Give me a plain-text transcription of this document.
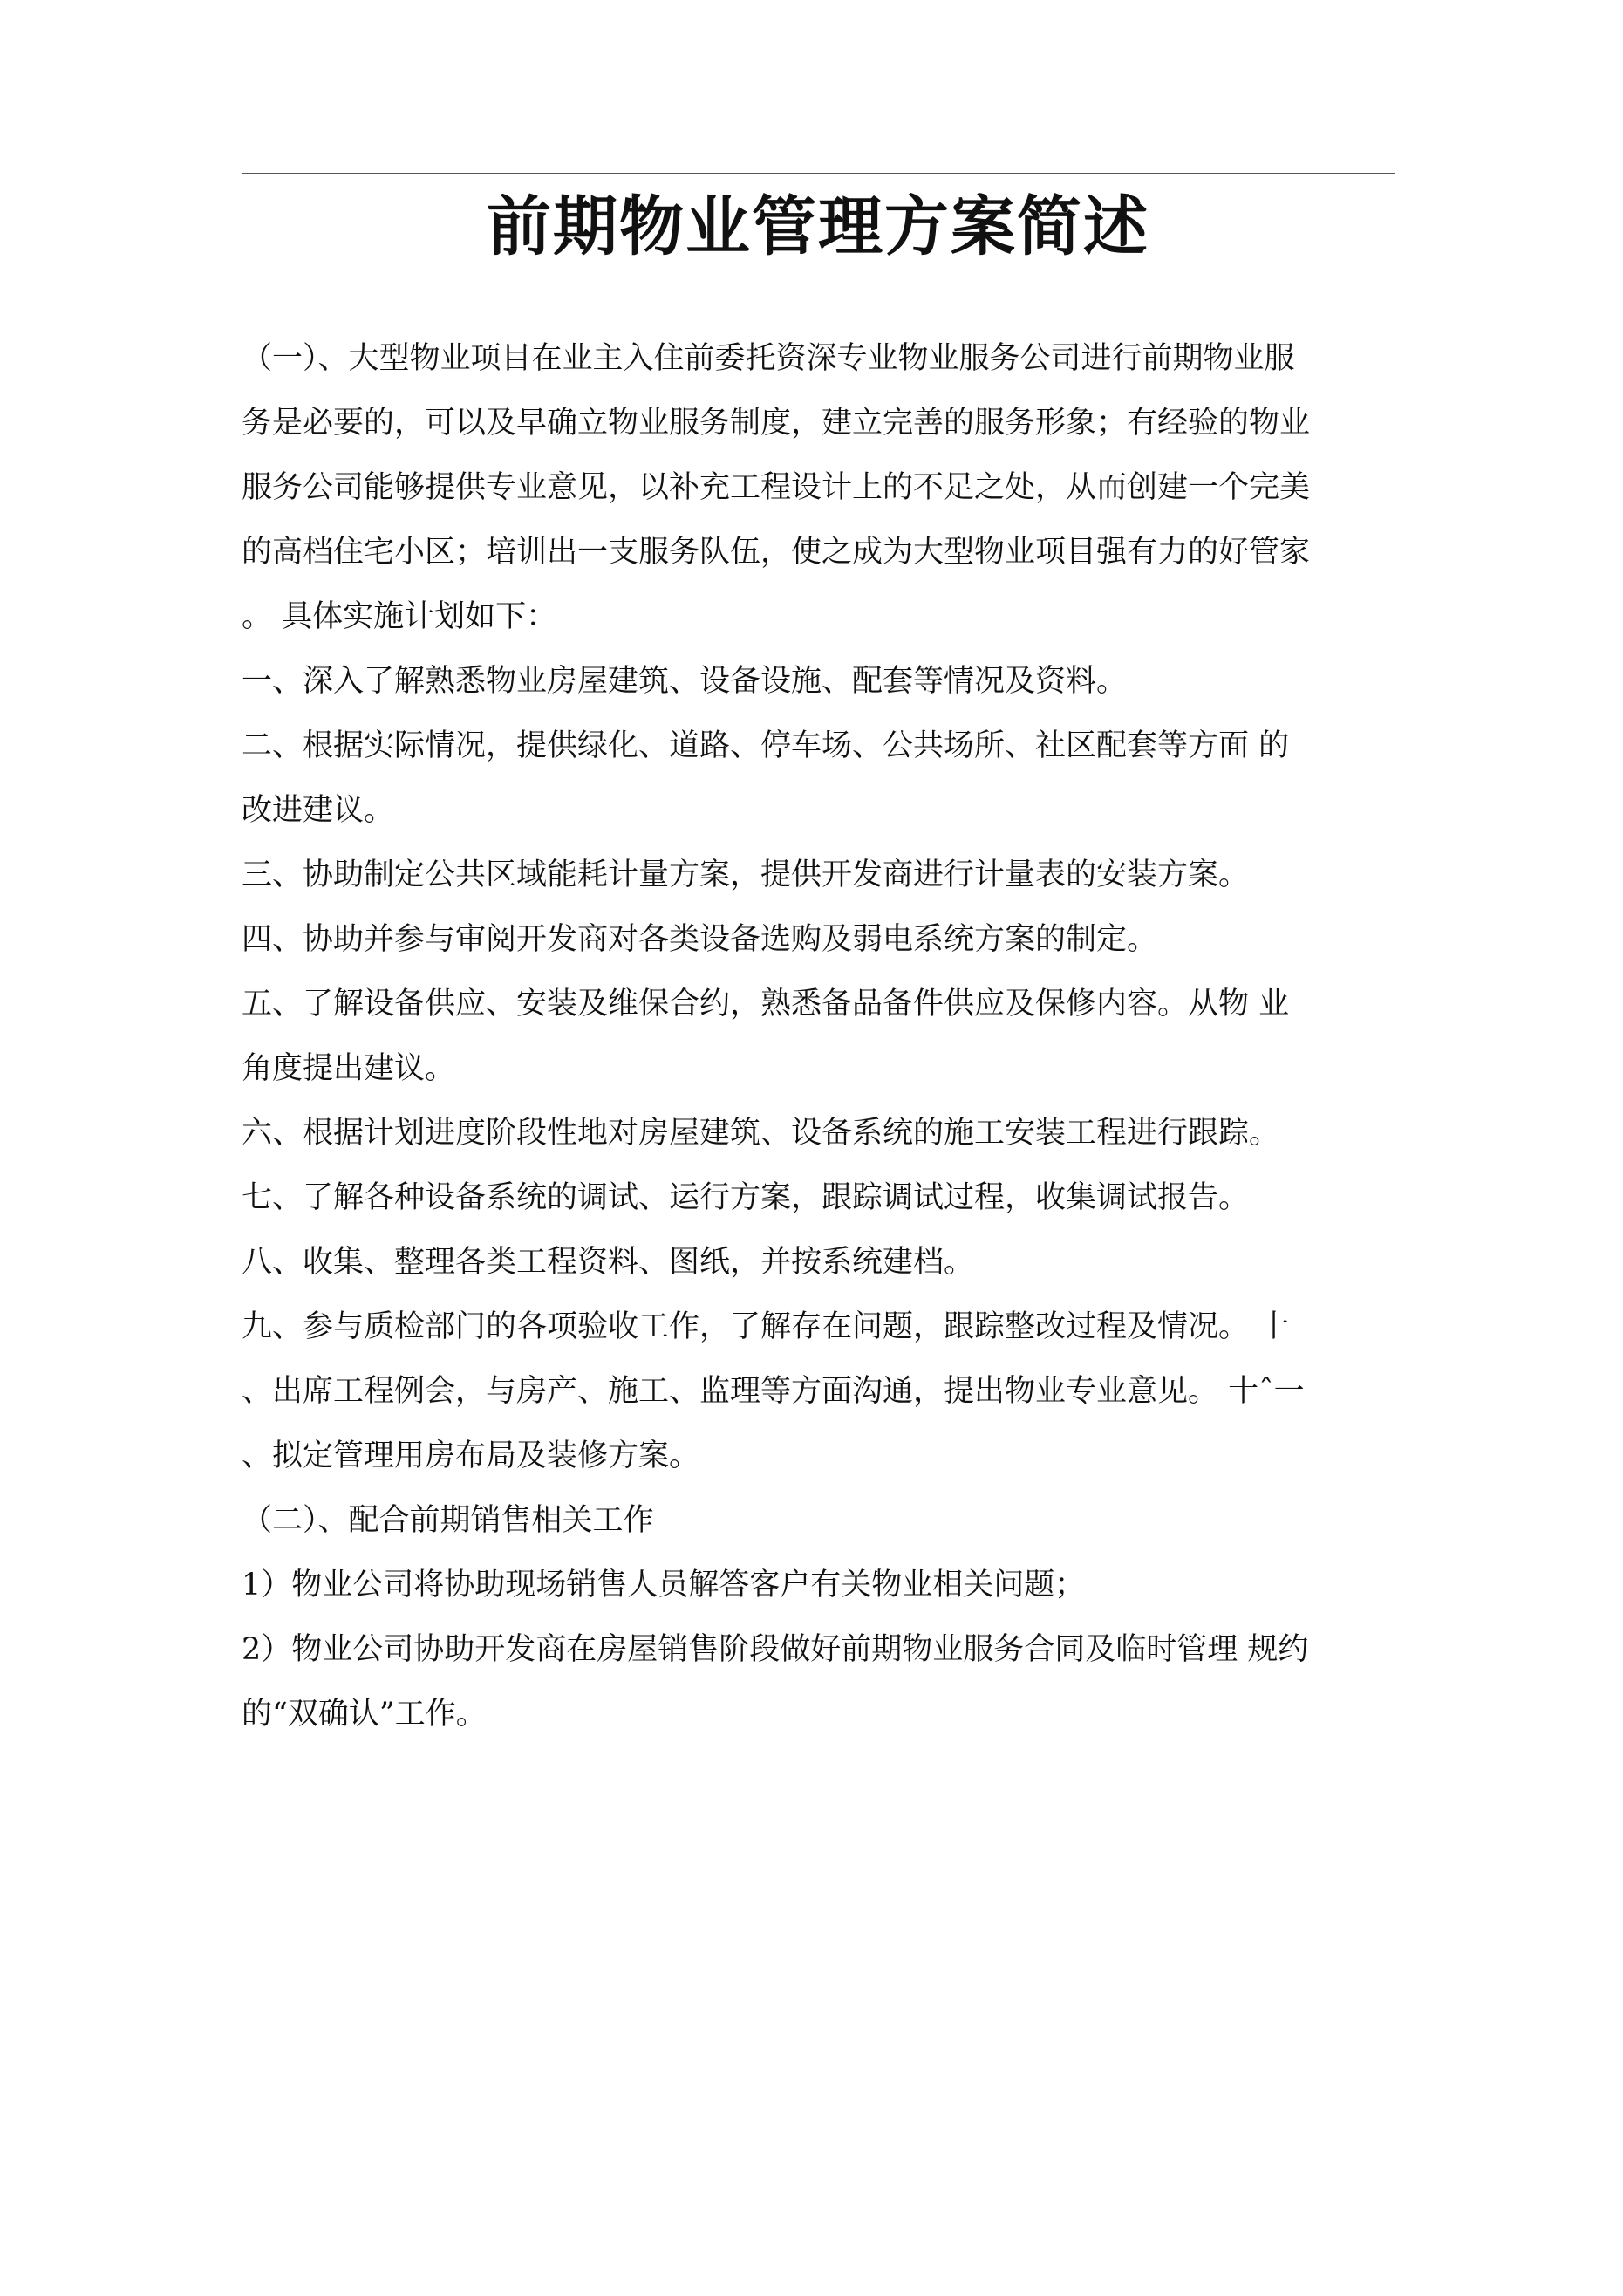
前期物业管理方案简述
（一）、大型物业项目在业主入住前委托资深专业物业服务公司进行前期物业服
务是必要的，可以及早确立物业服务制度，建立完善的服务形象；有经验的物业
服务公司能够提供专业意见，以补充工程设计上的不足之处，从而创建一个完美
的高档住宅小区；培训出一支服务队伍，使之成为大型物业项目强有力的好管家
。 具体实施计划如下：
一、深入了解熟悉物业房屋建筑、设备设施、配套等情况及资料。
二、根据实际情况，提供绿化、道路、停车场、公共场所、社区配套等方面 的
改进建议。
三、协助制定公共区域能耗计量方案，提供开发商进行计量表的安装方案。
四、协助并参与审阅开发商对各类设备选购及弱电系统方案的制定。
五、了解设备供应、安装及维保合约，熟悉备品备件供应及保修内容。从物 业
角度提出建议。
六、根据计划进度阶段性地对房屋建筑、设备系统的施工安装工程进行跟踪。
七、了解各种设备系统的调试、运行方案，跟踪调试过程，收集调试报告。
八、收集、整理各类工程资料、图纸，并按系统建档。
九、参与质检部门的各项验收工作，了解存在问题，跟踪整改过程及情况。 十
、出席工程例会，与房产、施工、监理等方面沟通，提出物业专业意见。 十ˆ一
、拟定管理用房布局及装修方案。
（二）、配合前期销售相关工作
1）物业公司将协助现场销售人员解答客户有关物业相关问题；
2）物业公司协助开发商在房屋销售阶段做好前期物业服务合同及临时管理 规约
的“双确认”工作。
